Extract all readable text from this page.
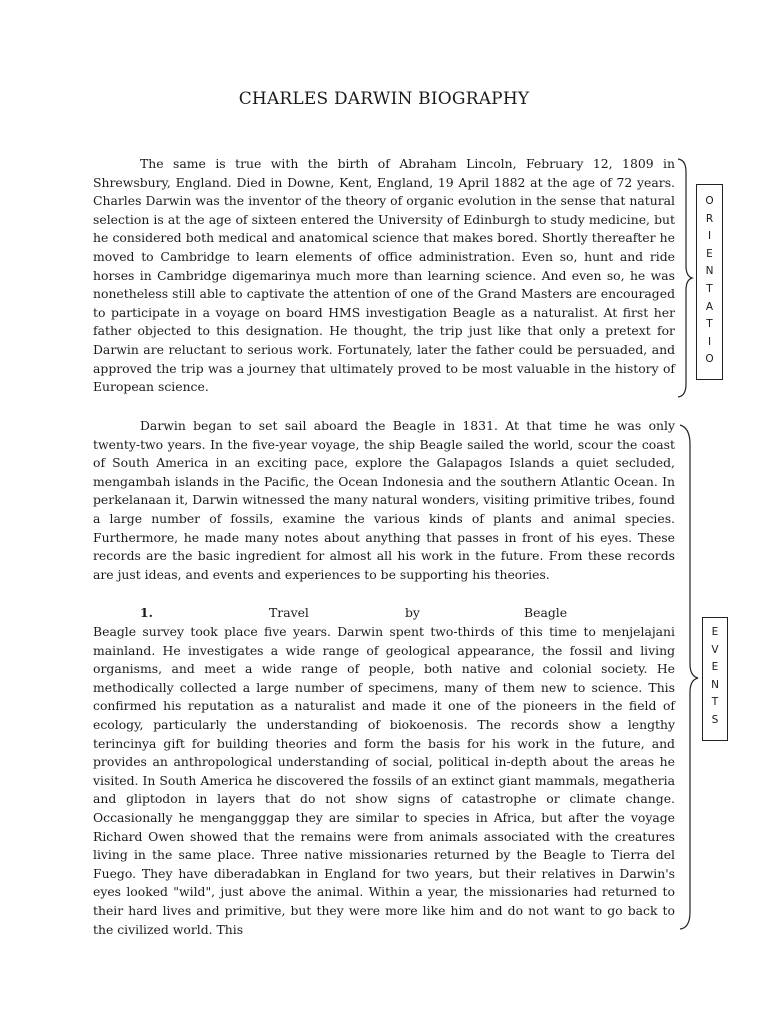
CHARLES DARWIN BIOGRAPHY

The same is true with the birth of Abraham Lincoln, February 12, 1809 in Shrewsbury, England. Died in Downe, Kent, England, 19 April 1882 at the age of 72 years. Charles Darwin was the inventor of the theory of organic evolution in the sense that natural selection is at the age of sixteen entered the University of Edinburgh to study medicine, but he considered both medical and anatomical science that makes bored. Shortly thereafter he moved to Cambridge to learn elements of office administration. Even so, hunt and ride horses in Cambridge digemarinya much more than learning science. And even so, he was nonetheless still able to captivate the attention of one of the Grand Masters are encouraged to participate in a voyage on board HMS investigation Beagle as a naturalist. At first her father objected to this designation. He thought, the trip just like that only a pretext for Darwin are reluctant to serious work. Fortunately, later the father could be persuaded, and approved the trip was a journey that ultimately proved to be most valuable in the history of European science.

Darwin began to set sail aboard the Beagle in 1831. At that time he was only twenty-two years. In the five-year voyage, the ship Beagle sailed the world, scour the coast of South America in an exciting pace, explore the Galapagos Islands a quiet secluded, mengambah islands in the Pacific, the Ocean Indonesia and the southern Atlantic Ocean. In perkelanaan it, Darwin witnessed the many natural wonders, visiting primitive tribes, found a large number of fossils, examine the various kinds of plants and animal species. Furthermore, he made many notes about anything that passes in front of his eyes. These records are the basic ingredient for almost all his work in the future. From these records are just ideas, and events and experiences to be supporting his theories.

1.	Travel	by	Beagle

Beagle survey took place five years. Darwin spent two-thirds of this time to menjelajani mainland. He investigates a wide range of geological appearance, the fossil and living organisms, and meet a wide range of people, both native and colonial society. He methodically collected a large number of specimens, many of them new to science. This confirmed his reputation as a naturalist and made it one of the pioneers in the field of ecology, particularly the understanding of biokoenosis. The records show a lengthy terincinya gift for building theories and form the basis for his work in the future, and provides an anthropological understanding of social, political in-depth about the areas he visited. In South America he discovered the fossils of an extinct giant mammals, megatheria and gliptodon in layers that do not show signs of catastrophe or climate change. Occasionally he mengangggap they are similar to species in Africa, but after the voyage Richard Owen showed that the remains were from animals associated with the creatures living in the same place. Three native missionaries returned by the Beagle to Tierra del Fuego. They have diberadabkan in England for two years, but their relatives in Darwin's eyes looked "wild", just above the animal. Within a year, the missionaries had returned to their hard lives and primitive, but they were more like him and do not want to go back to the civilized world. This

O
R
I
E
N
T
A
T
I
O
E
V
E
N
T
S
